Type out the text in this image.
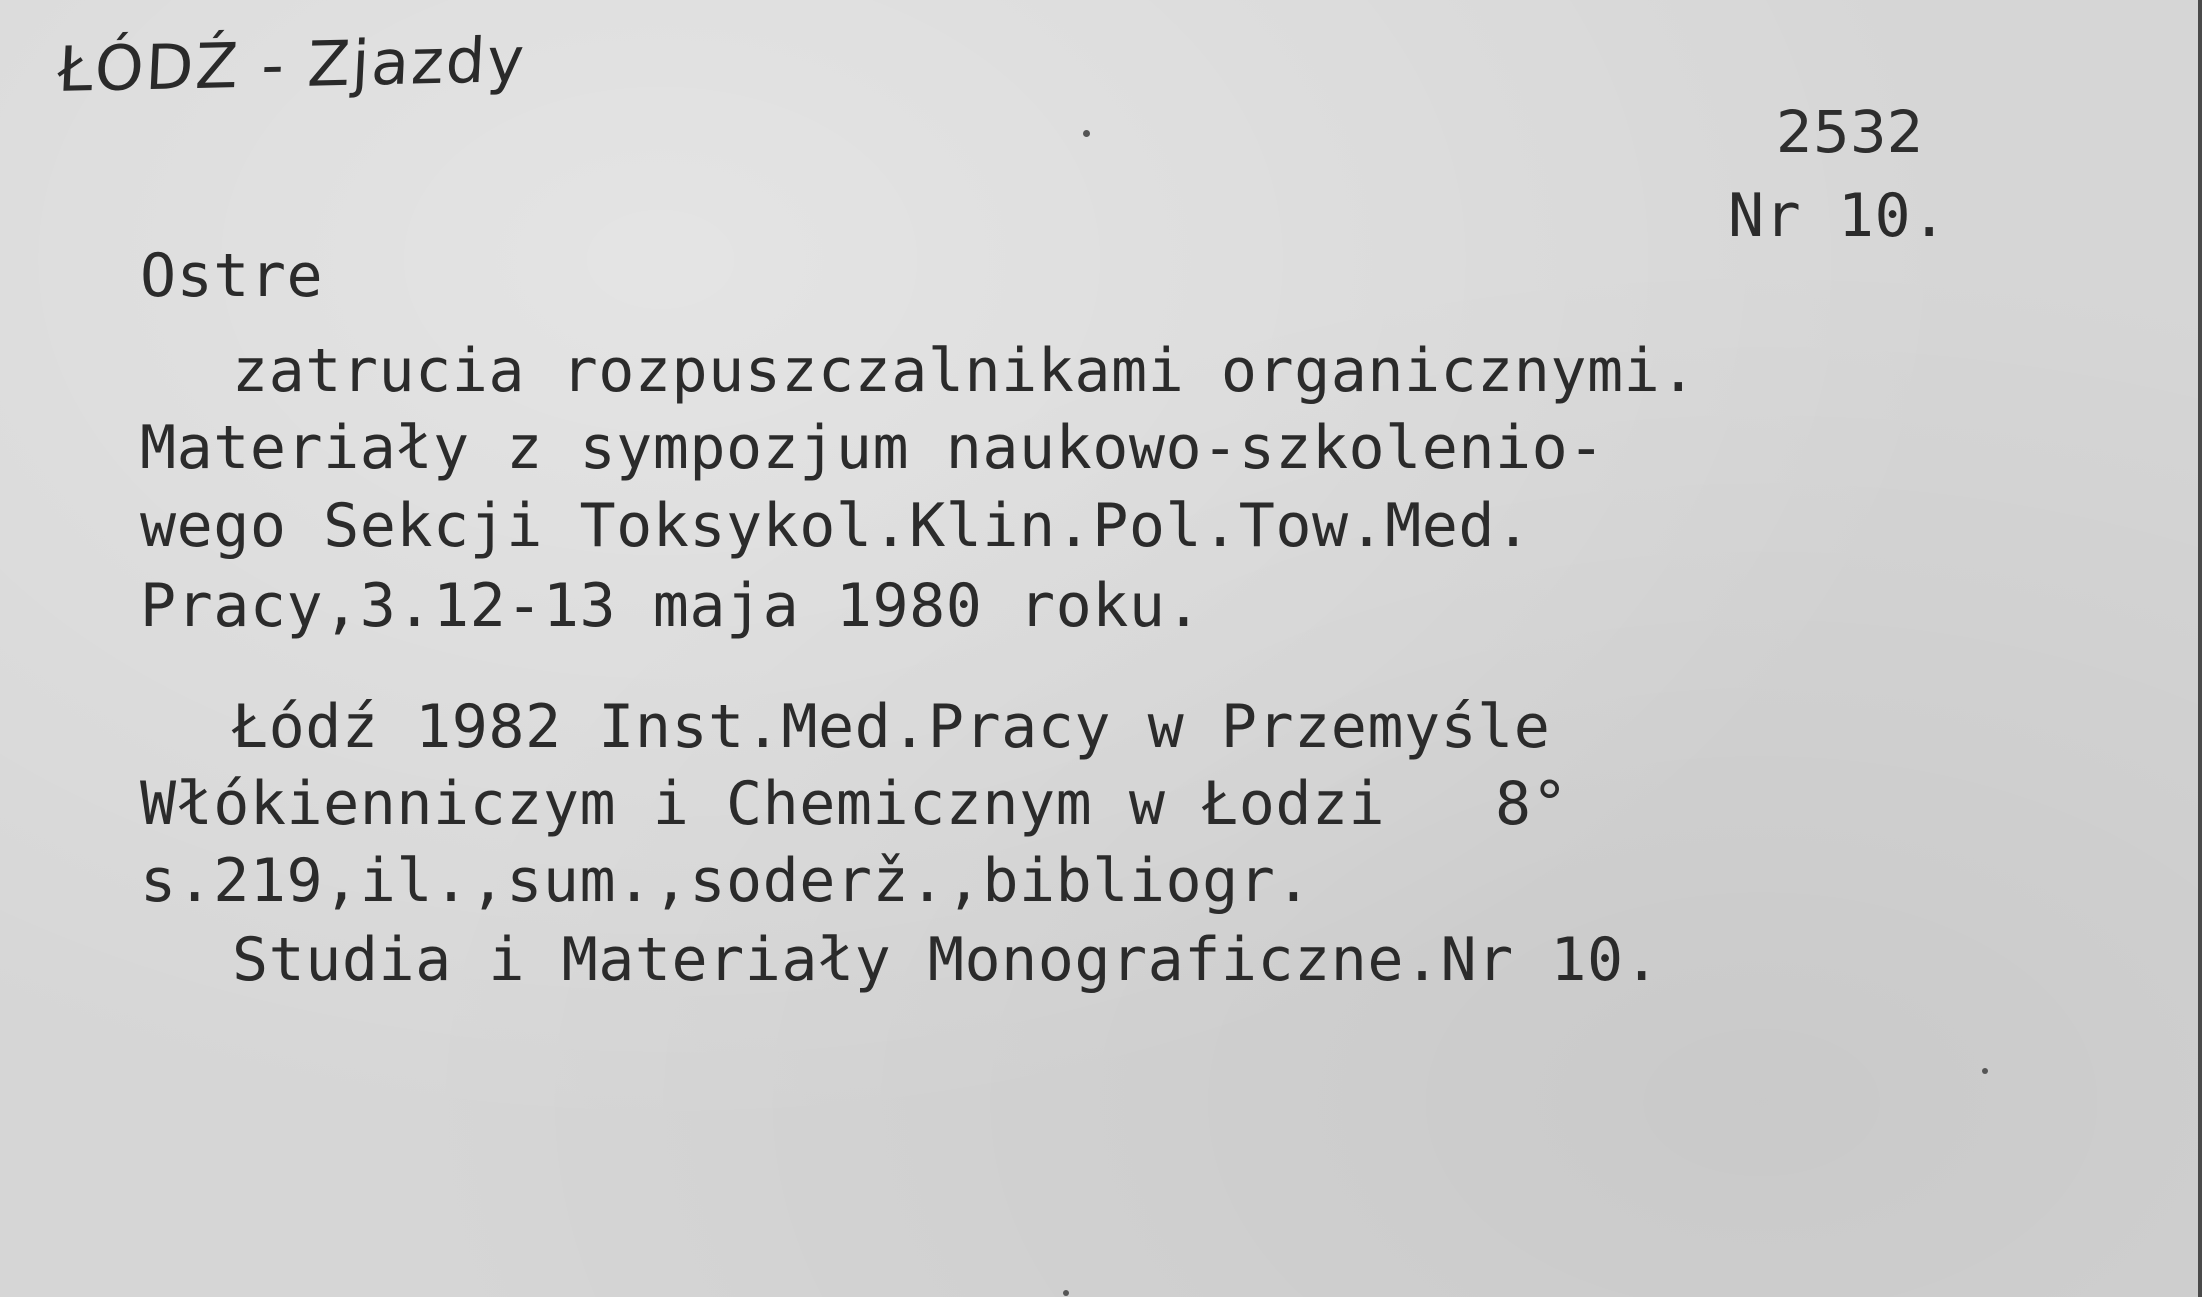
ŁÓDŹ - Zjazdy
2532
Nr 10.
Ostre
zatrucia rozpuszczalnikami organicznymi.
Materiały z sympozjum naukowo-szkolenio-
wego Sekcji Toksykol.Klin.Pol.Tow.Med.
Pracy,3.12-13 maja 1980 roku.
Łódź 1982 Inst.Med.Pracy w Przemyśle
Włókienniczym i Chemicznym w Łodzi   8°
s.219,il.,sum.,soderž.,bibliogr.
Studia i Materiały Monograficzne.Nr 10.
